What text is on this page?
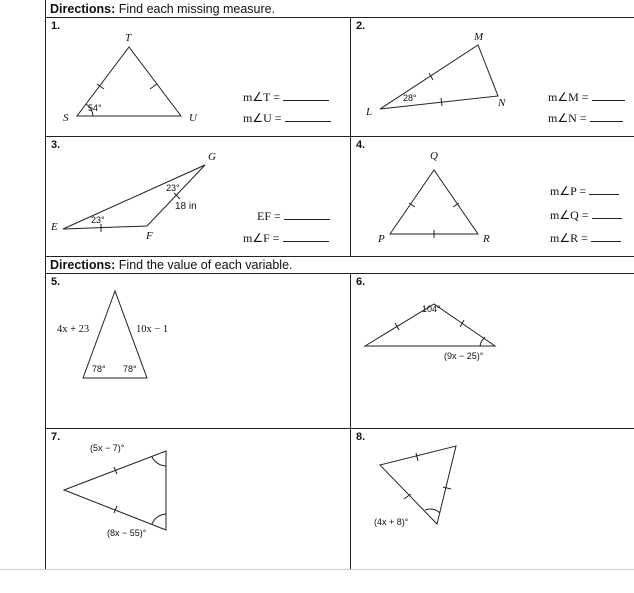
Directions: Find each missing measure.
Directions: Find the value of each variable.
1.	2.
3.	4.
5.	6.
7.	8.
T
S	U
54°
m∠T =
m∠U =
M
L
N
28°	m∠M =
m∠N =
G
E
F
23°
23°
18 in
EF =
m∠F =
Q
P	R
m∠P =
m∠Q =
m∠R =
4x + 23	10x − 1
78° 78°
104°
(9x − 25)°
(5x − 7)°
(8x − 55)°
(4x + 8)°
